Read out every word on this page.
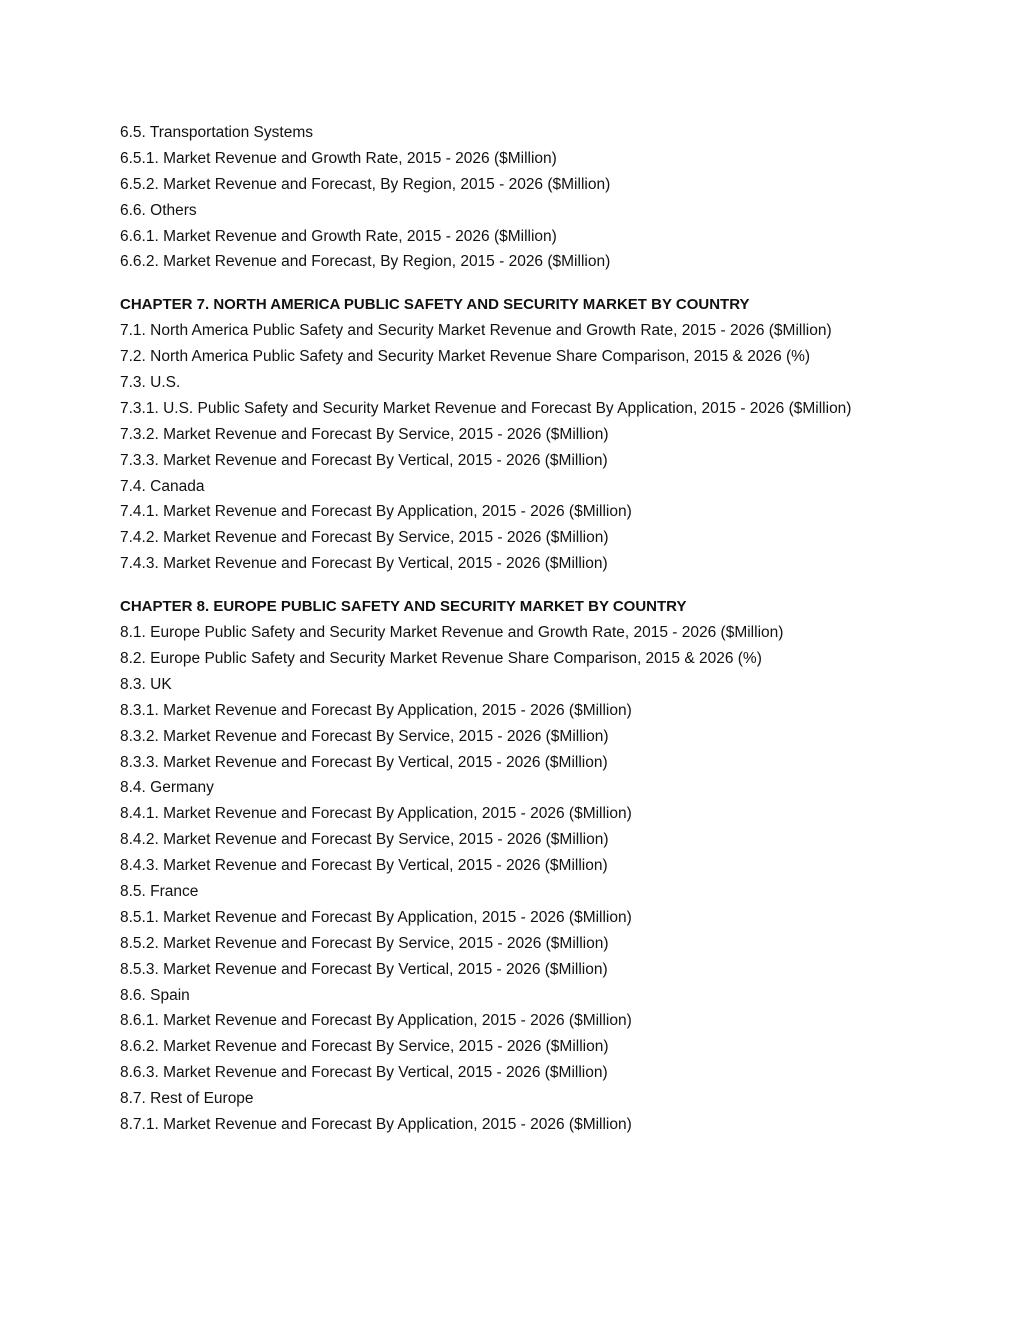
6.5. Transportation Systems
6.5.1. Market Revenue and Growth Rate, 2015 - 2026 ($Million)
6.5.2. Market Revenue and Forecast, By Region, 2015 - 2026 ($Million)
6.6. Others
6.6.1. Market Revenue and Growth Rate, 2015 - 2026 ($Million)
6.6.2. Market Revenue and Forecast, By Region, 2015 - 2026 ($Million)
CHAPTER 7. NORTH AMERICA PUBLIC SAFETY AND SECURITY MARKET BY COUNTRY
7.1. North America Public Safety and Security Market Revenue and Growth Rate, 2015 - 2026 ($Million)
7.2. North America Public Safety and Security Market Revenue Share Comparison, 2015 & 2026 (%)
7.3. U.S.
7.3.1. U.S. Public Safety and Security Market Revenue and Forecast By Application, 2015 - 2026 ($Million)
7.3.2. Market Revenue and Forecast By Service, 2015 - 2026 ($Million)
7.3.3. Market Revenue and Forecast By Vertical, 2015 - 2026 ($Million)
7.4. Canada
7.4.1. Market Revenue and Forecast By Application, 2015 - 2026 ($Million)
7.4.2. Market Revenue and Forecast By Service, 2015 - 2026 ($Million)
7.4.3. Market Revenue and Forecast By Vertical, 2015 - 2026 ($Million)
CHAPTER 8. EUROPE PUBLIC SAFETY AND SECURITY MARKET BY COUNTRY
8.1. Europe Public Safety and Security Market Revenue and Growth Rate, 2015 - 2026 ($Million)
8.2. Europe Public Safety and Security Market Revenue Share Comparison, 2015 & 2026 (%)
8.3. UK
8.3.1. Market Revenue and Forecast By Application, 2015 - 2026 ($Million)
8.3.2. Market Revenue and Forecast By Service, 2015 - 2026 ($Million)
8.3.3. Market Revenue and Forecast By Vertical, 2015 - 2026 ($Million)
8.4. Germany
8.4.1. Market Revenue and Forecast By Application, 2015 - 2026 ($Million)
8.4.2. Market Revenue and Forecast By Service, 2015 - 2026 ($Million)
8.4.3. Market Revenue and Forecast By Vertical, 2015 - 2026 ($Million)
8.5. France
8.5.1. Market Revenue and Forecast By Application, 2015 - 2026 ($Million)
8.5.2. Market Revenue and Forecast By Service, 2015 - 2026 ($Million)
8.5.3. Market Revenue and Forecast By Vertical, 2015 - 2026 ($Million)
8.6. Spain
8.6.1. Market Revenue and Forecast By Application, 2015 - 2026 ($Million)
8.6.2. Market Revenue and Forecast By Service, 2015 - 2026 ($Million)
8.6.3. Market Revenue and Forecast By Vertical, 2015 - 2026 ($Million)
8.7. Rest of Europe
8.7.1. Market Revenue and Forecast By Application, 2015 - 2026 ($Million)
